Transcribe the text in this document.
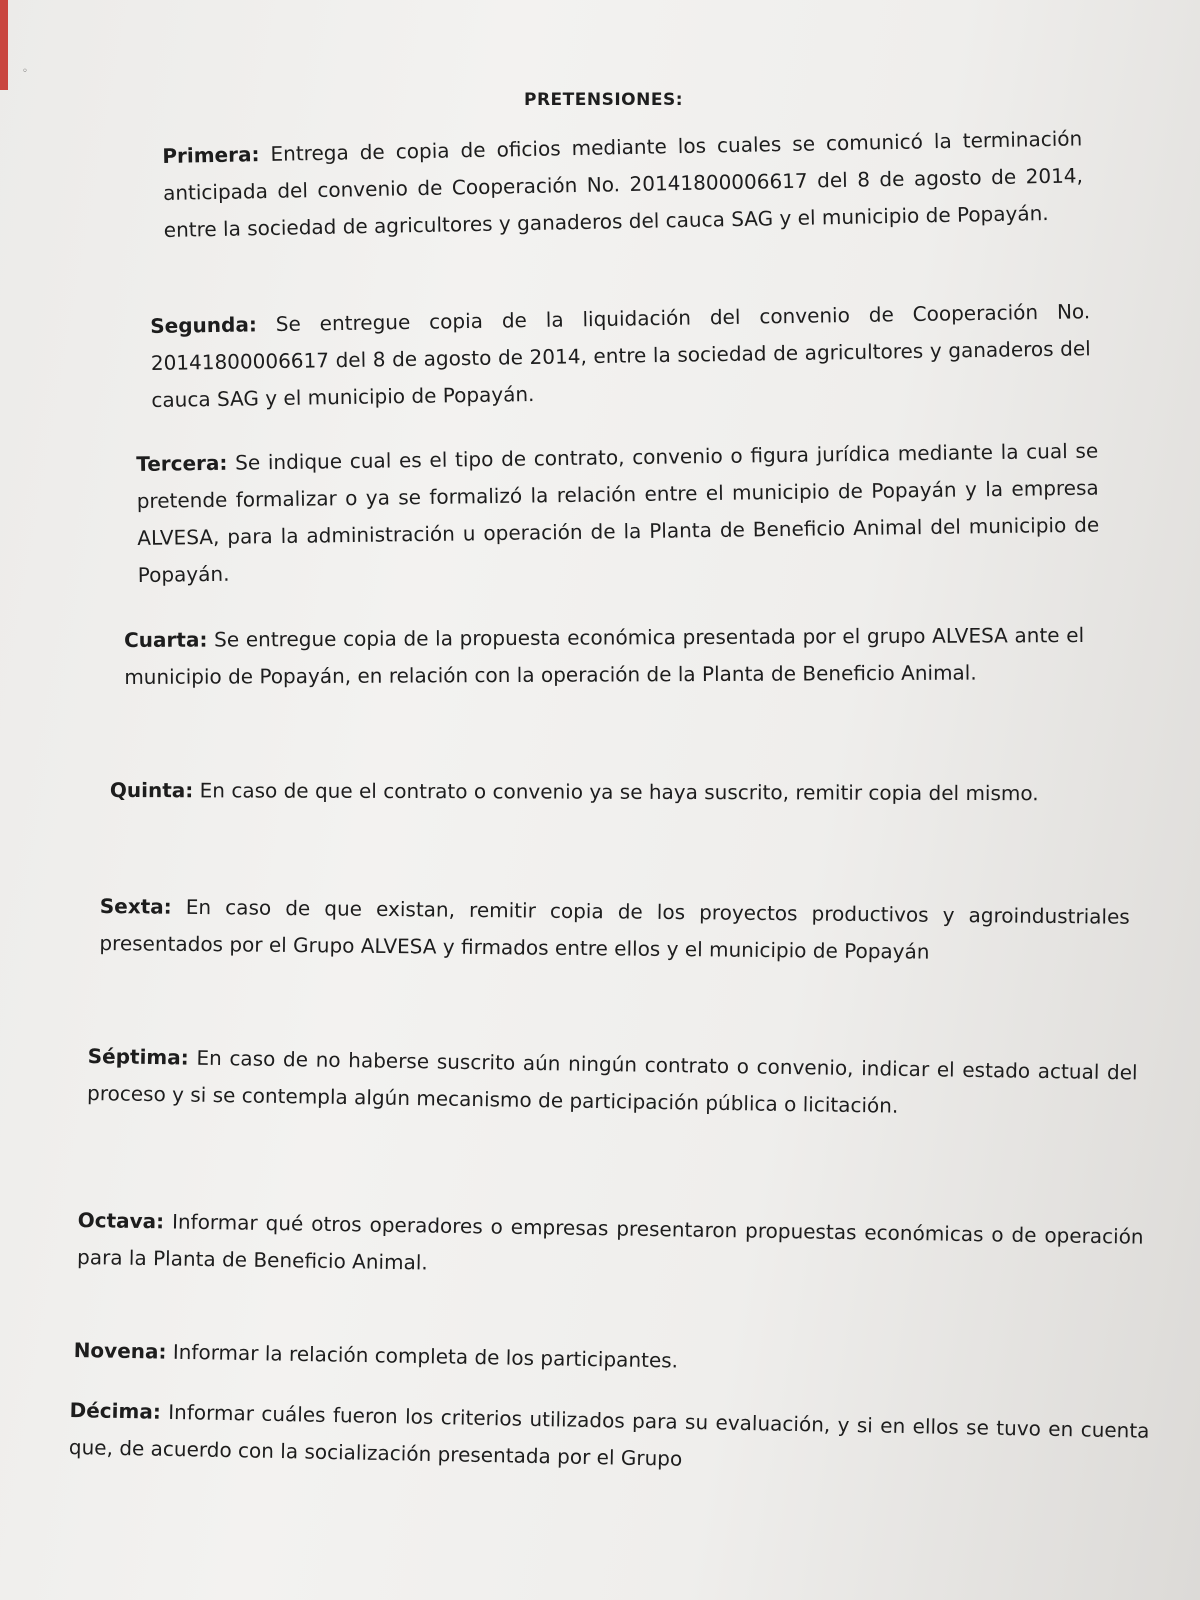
◦
PRETENSIONES:

Primera: Entrega de copia de oficios mediante los cuales se comunicó la terminación anticipada del convenio de Cooperación No. 20141800006617 del 8 de agosto de 2014, entre la sociedad de agricultores y ganaderos del cauca SAG y el municipio de Popayán.

Segunda: Se entregue copia de la liquidación del convenio de Cooperación No. 20141800006617 del 8 de agosto de 2014, entre la sociedad de agricultores y ganaderos del cauca SAG y el municipio de Popayán.

Tercera: Se indique cual es el tipo de contrato, convenio o figura jurídica mediante la cual se pretende formalizar o ya se formalizó la relación entre el municipio de Popayán y la empresa ALVESA, para la administración u operación de la Planta de Beneficio Animal del municipio de Popayán.

Cuarta: Se entregue copia de la propuesta económica presentada por el grupo ALVESA ante el municipio de Popayán, en relación con la operación de la Planta de Beneficio Animal.

Quinta: En caso de que el contrato o convenio ya se haya suscrito, remitir copia del mismo.

Sexta: En caso de que existan, remitir copia de los proyectos productivos y agroindustriales presentados por el Grupo ALVESA y firmados entre ellos y el municipio de Popayán

Séptima: En caso de no haberse suscrito aún ningún contrato o convenio, indicar el estado actual del proceso y si se contempla algún mecanismo de participación pública o licitación.

Octava: Informar qué otros operadores o empresas presentaron propuestas económicas o de operación para la Planta de Beneficio Animal.

Novena: Informar la relación completa de los participantes.

Décima: Informar cuáles fueron los criterios utilizados para su evaluación, y si en ellos se tuvo en cuenta que, de acuerdo con la socialización presentada por el Grupo
